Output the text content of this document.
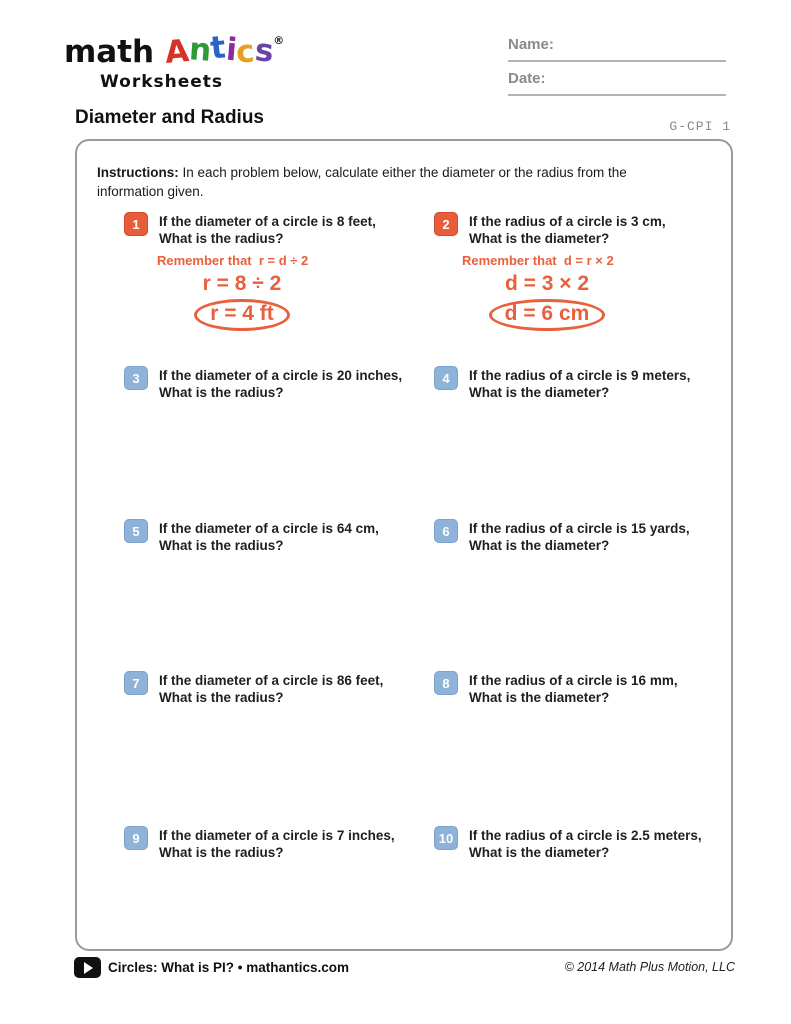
math Antics®
Worksheets
Name:
Date:
Diameter and Radius	G-CPI 1

Instructions: In each problem below, calculate either the diameter or the radius from the information given.

1	If the diameter of a circle is 8 feet,
What is the radius?
2	If the radius of a circle is 3 cm,
What is the diameter?
Remember that  r = d ÷ 2
r = 8 ÷ 2
r = 4 ft
Remember that  d = r × 2
d = 3 × 2
d = 6 cm
3	If the diameter of a circle is 20 inches,
What is the radius?
4	If the radius of a circle is 9 meters,
What is the diameter?
5	If the diameter of a circle is 64 cm,
What is the radius?
6	If the radius of a circle is 15 yards,
What is the diameter?
7	If the diameter of a circle is 86 feet,
What is the radius?
8	If the radius of a circle is 16 mm,
What is the diameter?
9	If the diameter of a circle is 7 inches,
What is the radius?
10	If the radius of a circle is 2.5 meters,
What is the diameter?
Circles: What is PI? • mathantics.com	© 2014 Math Plus Motion, LLC
